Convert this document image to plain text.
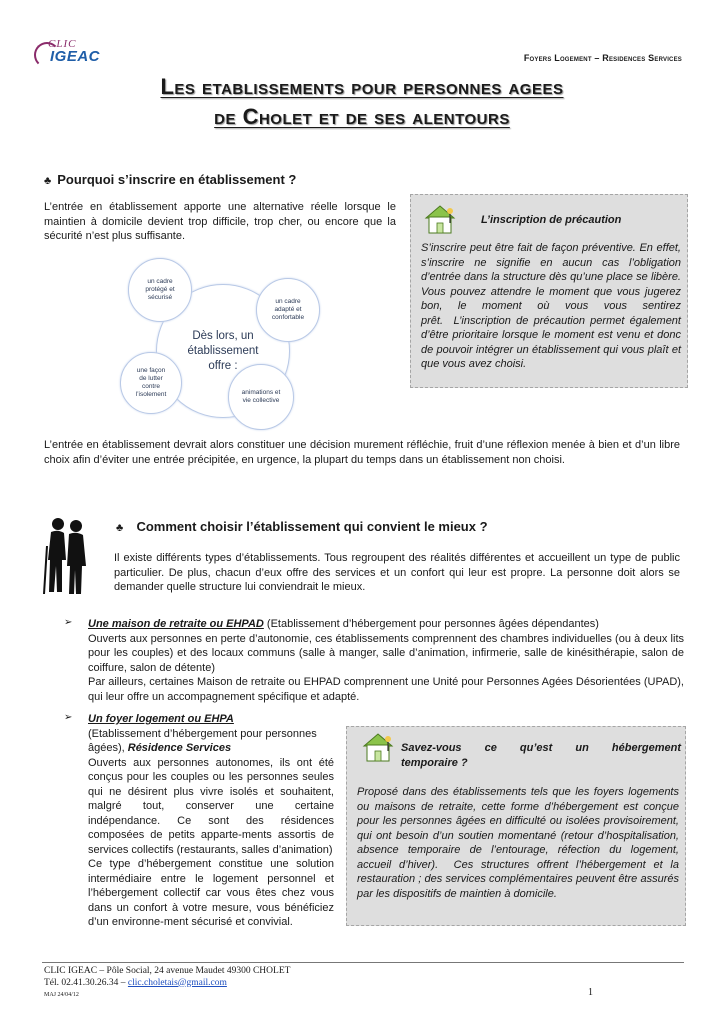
CLIC
IGEAC	Foyers Logement – Residences Services
Les etablissements pour personnes agees
de Cholet et de ses alentours
♣ Pourquoi s’inscrire en établissement ?

L’entrée en établissement apporte une alternative réelle lorsque le maintien à domicile devient trop difficile, trop cher, ou encore que la sécurité n’est plus suffisante.

Dès lors, un établissement offre :
un cadre protégé et sécurisé
un cadre adapté et confortable
une façon de lutter contre l’isolement	animations et vie collective
L’inscription de précaution

S’inscrire peut être fait de façon préventive. En effet, s’inscrire ne signifie en aucun cas l’obligation d’entrée dans la structure dès qu’une place se libère. Vous pouvez attendre le moment que vous jugerez bon, le moment où vous vous sentirez prêt.  L’inscription de précaution permet également d’être prioritaire lorsque le moment est venu et donc de pouvoir intégrer un établissement qui vous plaît et que vous avez choisi.

L’entrée en établissement devrait alors constituer une décision murement réfléchie, fruit d’une réflexion menée à bien et d’un libre choix afin d’éviter une entrée précipitée, en urgence, la plupart du temps dans un établissement non choisi.

♣ Comment choisir l’établissement qui convient le mieux ?

Il existe différents types d’établissements. Tous regroupent des réalités différentes et accueillent un type de public particulier. De plus, chacun d’eux offre des services et un confort qui leur est propre. La personne doit alors se demander quelle structure lui conviendrait le mieux.

➢ Une maison de retraite ou EHPAD (Etablissement d’hébergement pour personnes âgées dépendantes)
Ouverts aux personnes en perte d’autonomie, ces établissements comprennent des chambres individuelles (ou à deux lits pour les couples) et des locaux communs (salle à manger, salle d’animation, infirmerie, salle de kinésithérapie, salon de coiffure, salon de détente)
Par ailleurs, certaines Maison de retraite ou EHPAD comprennent une Unité pour Personnes Agées Désorientées (UPAD), qui leur offre un accompagnement spécifique et adapté.
➢ Un foyer logement ou EHPA
(Etablissement d’hébergement pour personnes âgées), Résidence Services
Ouverts aux personnes autonomes, ils ont été conçus pour les couples ou les personnes seules qui ne désirent plus vivre isolés et souhaitent, malgré tout, conserver une certaine indépendance. Ce sont des résidences composées de petits apparte-ments assortis de services collectifs (restaurants, salles d’animation)
Ce type d’hébergement constitue une solution intermédiaire entre le logement personnel et l’hébergement collectif car vous êtes chez vous dans un confort à votre mesure, vous bénéficiez d’un environne-ment sécurisé et convivial.
Savez-vous ce qu’est un hébergement
temporaire ?

Proposé dans des établissements tels que les foyers logements ou maisons de retraite, cette forme d’hébergement est conçue pour les personnes âgées en difficulté ou isolées provisoirement, qui ont besoin d’un soutien momentané (retour d’hospitalisation, absence temporaire de l’entourage, réfection du logement, accueil d’hiver).  Ces structures offrent l’hébergement et la restauration ; des services complémentaires peuvent être assurés par les dispositifs de maintien à domicile.

CLIC IGEAC – Pôle Social, 24 avenue Maudet 49300 CHOLET
Tél. 02.41.30.26.34 – clic.choletais@gmail.com
MAJ 24/04/12	1
